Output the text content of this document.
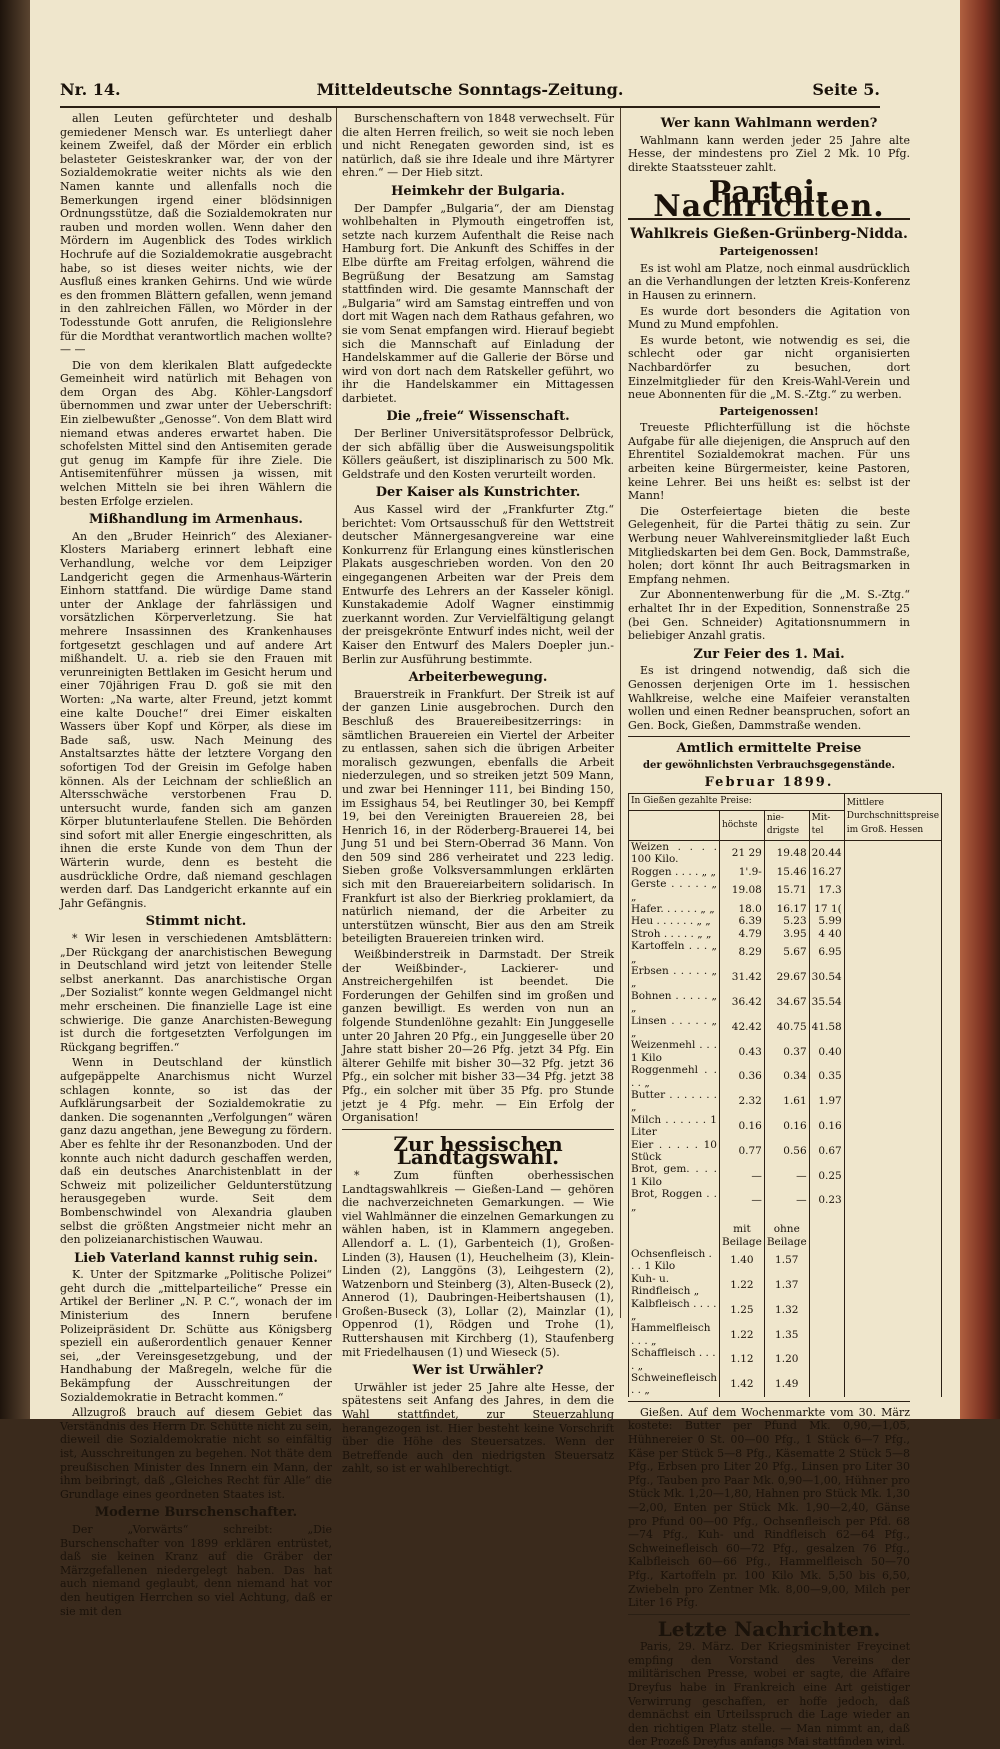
Nr. 14.	Mitteldeutsche Sonntags-Zeitung.	Seite 5.

allen Leuten gefürchteter und deshalb gemiedener Mensch war. Es unterliegt daher keinem Zweifel, daß der Mörder ein erblich belasteter Geisteskranker war, der von der Sozialdemokratie weiter nichts als wie den Namen kannte und allenfalls noch die Bemerkungen irgend einer blödsinnigen Ordnungsstütze, daß die Sozialdemokraten nur rauben und morden wollen. Wenn daher den Mördern im Augenblick des Todes wirklich Hochrufe auf die Sozialdemokratie ausgebracht habe, so ist dieses weiter nichts, wie der Ausfluß eines kranken Gehirns. Und wie würde es den frommen Blättern gefallen, wenn jemand in den zahlreichen Fällen, wo Mörder in der Todesstunde Gott anrufen, die Religionslehre für die Mordthat verantwortlich machen wollte? — —

Die von dem klerikalen Blatt aufgedeckte Gemeinheit wird natürlich mit Behagen von dem Organ des Abg. Köhler-Langsdorf übernommen und zwar unter der Ueberschrift: Ein zielbewußter „Genosse“. Von dem Blatt wird niemand etwas anderes erwartet haben. Die schofelsten Mittel sind den Antisemiten gerade gut genug im Kampfe für ihre Ziele. Die Antisemitenführer müssen ja wissen, mit welchen Mitteln sie bei ihren Wählern die besten Erfolge erzielen.

Mißhandlung im Armenhaus.

An den „Bruder Heinrich“ des Alexianer-Klosters Mariaberg erinnert lebhaft eine Verhandlung, welche vor dem Leipziger Landgericht gegen die Armenhaus-Wärterin Einhorn stattfand. Die würdige Dame stand unter der Anklage der fahrlässigen und vorsätzlichen Körperverletzung. Sie hat mehrere Insassinnen des Krankenhauses fortgesetzt geschlagen und auf andere Art mißhandelt. U. a. rieb sie den Frauen mit verunreinigten Bettlaken im Gesicht herum und einer 70jährigen Frau D. goß sie mit den Worten: „Na warte, alter Freund, jetzt kommt eine kalte Douche!“ drei Eimer eiskalten Wassers über Kopf und Körper, als diese im Bade saß, usw. Nach Meinung des Anstaltsarztes hätte der letztere Vorgang den sofortigen Tod der Greisin im Gefolge haben können. Als der Leichnam der schließlich an Altersschwäche verstorbenen Frau D. untersucht wurde, fanden sich am ganzen Körper blutunterlaufene Stellen. Die Behörden sind sofort mit aller Energie eingeschritten, als ihnen die erste Kunde von dem Thun der Wärterin wurde, denn es besteht die ausdrückliche Ordre, daß niemand geschlagen werden darf. Das Landgericht erkannte auf ein Jahr Gefängnis.

Stimmt nicht.

* Wir lesen in verschiedenen Amtsblättern: „Der Rückgang der anarchistischen Bewegung in Deutschland wird jetzt von leitender Stelle selbst anerkannt. Das anarchistische Organ „Der Sozialist“ konnte wegen Geldmangel nicht mehr erscheinen. Die finanzielle Lage ist eine schwierige. Die ganze Anarchisten-Bewegung ist durch die fortgesetzten Verfolgungen im Rückgang begriffen.“

Wenn in Deutschland der künstlich aufgepäppelte Anarchismus nicht Wurzel schlagen konnte, so ist das der Aufklärungsarbeit der Sozialdemokratie zu danken. Die sogenannten „Verfolgungen“ wären ganz dazu angethan, jene Bewegung zu fördern. Aber es fehlte ihr der Resonanzboden. Und der konnte auch nicht dadurch geschaffen werden, daß ein deutsches Anarchistenblatt in der Schweiz mit polizeilicher Geldunterstützung herausgegeben wurde. Seit dem Bombenschwindel von Alexandria glauben selbst die größten Angstmeier nicht mehr an den polizeianarchistischen Wauwau.

Lieb Vaterland kannst ruhig sein.

K. Unter der Spitzmarke „Politische Polizei“ geht durch die „mittelparteiliche“ Presse ein Artikel der Berliner „N. P. C.“, wonach der im Ministerium des Innern berufene Polizeipräsident Dr. Schütte aus Königsberg speziell ein außerordentlich genauer Kenner sei, „der Vereinsgesetzgebung, und der Handhabung der Maßregeln, welche für die Bekämpfung der Ausschreitungen der Sozialdemokratie in Betracht kommen.“

Allzugroß brauch auf diesem Gebiet das Verständnis des Herrn Dr. Schütte nicht zu sein, dieweil die Sozialdemokratie nicht so einfältig ist, Ausschreitungen zu begehen. Not thäte dem preußischen Minister des Innern ein Mann, der ihm beibringt, daß „Gleiches Recht für Alle“ die Grundlage eines geordneten Staates ist.

Moderne Burschenschafter.

Der „Vorwärts“ schreibt: „Die Burschenschafter von 1899 erklären entrüstet, daß sie keinen Kranz auf die Gräber der Märzgefallenen niedergelegt haben. Das hat auch niemand geglaubt, denn niemand hat vor den heutigen Herrchen so viel Achtung, daß er sie mit den

Burschenschaftern von 1848 verwechselt. Für die alten Herren freilich, so weit sie noch leben und nicht Renegaten geworden sind, ist es natürlich, daß sie ihre Ideale und ihre Märtyrer ehren.“ — Der Hieb sitzt.

Heimkehr der Bulgaria.

Der Dampfer „Bulgaria“, der am Dienstag wohlbehalten in Plymouth eingetroffen ist, setzte nach kurzem Aufenthalt die Reise nach Hamburg fort. Die Ankunft des Schiffes in der Elbe dürfte am Freitag erfolgen, während die Begrüßung der Besatzung am Samstag stattfinden wird. Die gesamte Mannschaft der „Bulgaria“ wird am Samstag eintreffen und von dort mit Wagen nach dem Rathaus gefahren, wo sie vom Senat empfangen wird. Hierauf begiebt sich die Mannschaft auf Einladung der Handelskammer auf die Gallerie der Börse und wird von dort nach dem Ratskeller geführt, wo ihr die Handelskammer ein Mittagessen darbietet.

Die „freie“ Wissenschaft.

Der Berliner Universitätsprofessor Delbrück, der sich abfällig über die Ausweisungspolitik Köllers geäußert, ist disziplinarisch zu 500 Mk. Geldstrafe und den Kosten verurteilt worden.

Der Kaiser als Kunstrichter.

Aus Kassel wird der „Frankfurter Ztg.“ berichtet: Vom Ortsausschuß für den Wettstreit deutscher Männergesangvereine war eine Konkurrenz für Erlangung eines künstlerischen Plakats ausgeschrieben worden. Von den 20 eingegangenen Arbeiten war der Preis dem Entwurfe des Lehrers an der Kasseler königl. Kunstakademie Adolf Wagner einstimmig zuerkannt worden. Zur Vervielfältigung gelangt der preisgekrönte Entwurf indes nicht, weil der Kaiser den Entwurf des Malers Doepler jun.-Berlin zur Ausführung bestimmte.

Arbeiterbewegung.

Brauerstreik in Frankfurt. Der Streik ist auf der ganzen Linie ausgebrochen. Durch den Beschluß des Brauereibesitzerrings: in sämtlichen Brauereien ein Viertel der Arbeiter zu entlassen, sahen sich die übrigen Arbeiter moralisch gezwungen, ebenfalls die Arbeit niederzulegen, und so streiken jetzt 509 Mann, und zwar bei Henninger 111, bei Binding 150, im Essighaus 54, bei Reutlinger 30, bei Kempff 19, bei den Vereinigten Brauereien 28, bei Henrich 16, in der Röderberg-Brauerei 14, bei Jung 51 und bei Stern-Oberrad 36 Mann. Von den 509 sind 286 verheiratet und 223 ledig. Sieben große Volksversammlungen erklärten sich mit den Brauereiarbeitern solidarisch. In Frankfurt ist also der Bierkrieg proklamiert, da natürlich niemand, der die Arbeiter zu unterstützen wünscht, Bier aus den am Streik beteiligten Brauereien trinken wird.

Weißbinderstreik in Darmstadt. Der Streik der Weißbinder-, Lackierer- und Anstreichergehilfen ist beendet. Die Forderungen der Gehilfen sind im großen und ganzen bewilligt. Es werden von nun an folgende Stundenlöhne gezahlt: Ein Junggeselle unter 20 Jahren 20 Pfg., ein Junggeselle über 20 Jahre statt bisher 20—26 Pfg. jetzt 34 Pfg. Ein älterer Gehilfe mit bisher 30—32 Pfg. jetzt 36 Pfg., ein solcher mit bisher 33—34 Pfg. jetzt 38 Pfg., ein solcher mit über 35 Pfg. pro Stunde jetzt je 4 Pfg. mehr. — Ein Erfolg der Organisation!

Zur hessischen Landtagswahl.

* Zum fünften oberhessischen Landtagswahlkreis — Gießen-Land — gehören die nachverzeichneten Gemarkungen. — Wie viel Wahlmänner die einzelnen Gemarkungen zu wählen haben, ist in Klammern angegeben. Allendorf a. L. (1), Garbenteich (1), Großen-Linden (3), Hausen (1), Heuchelheim (3), Klein-Linden (2), Langgöns (3), Leihgestern (2), Watzenborn und Steinberg (3), Alten-Buseck (2), Annerod (1), Daubringen-Heibertshausen (1), Großen-Buseck (3), Lollar (2), Mainzlar (1), Oppenrod (1), Rödgen und Trohe (1), Ruttershausen mit Kirchberg (1), Staufenberg mit Friedelhausen (1) und Wieseck (5).

Wer ist Urwähler?

Urwähler ist jeder 25 Jahre alte Hesse, der spätestens seit Anfang des Jahres, in dem die Wahl stattfindet, zur Steuerzahlung herangezogen ist. Hier besteht keine Vorschrift über die Höhe des Steuersatzes. Wenn der Betreffende auch den niedrigsten Steuersatz zahlt, so ist er wahlberechtigt.

Wer kann Wahlmann werden?

Wahlmann kann werden jeder 25 Jahre alte Hesse, der mindestens pro Ziel 2 Mk. 10 Pfg. direkte Staatssteuer zahlt.

Partei-Nachrichten.
Wahlkreis Gießen-Grünberg-Nidda.
Parteigenossen!

Es ist wohl am Platze, noch einmal ausdrücklich an die Verhandlungen der letzten Kreis-Konferenz in Hausen zu erinnern.

Es wurde dort besonders die Agitation von Mund zu Mund empfohlen.

Es wurde betont, wie notwendig es sei, die schlecht oder gar nicht organisierten Nachbardörfer zu besuchen, dort Einzelmitglieder für den Kreis-Wahl-Verein und neue Abonnenten für die „M. S.-Ztg.“ zu werben.

Parteigenossen!

Treueste Pflichterfüllung ist die höchste Aufgabe für alle diejenigen, die Anspruch auf den Ehrentitel Sozialdemokrat machen. Für uns arbeiten keine Bürgermeister, keine Pastoren, keine Lehrer. Bei uns heißt es: selbst ist der Mann!

Die Osterfeiertage bieten die beste Gelegenheit, für die Partei thätig zu sein. Zur Werbung neuer Wahlvereinsmitglieder laßt Euch Mitgliedskarten bei dem Gen. Bock, Dammstraße, holen; dort könnt Ihr auch Beitragsmarken in Empfang nehmen.

Zur Abonnentenwerbung für die „M. S.-Ztg.“ erhaltet Ihr in der Expedition, Sonnenstraße 25 (bei Gen. Schneider) Agitationsnummern in beliebiger Anzahl gratis.

Zur Feier des 1. Mai.

Es ist dringend notwendig, daß sich die Genossen derjenigen Orte im 1. hessischen Wahlkreise, welche eine Maifeier veranstalten wollen und einen Redner beanspruchen, sofort an Gen. Bock, Gießen, Dammstraße wenden.

Amtlich ermittelte Preise
der gewöhnlichsten Verbrauchsgegenstände.
Februar 1899.
In Gießen gezahlte Preise:				Mittlere Durchschnittspreise im Groß. Hessen
	höchste	nie-drigste	Mit-tel	
Weizen . . . . 100 Kilo.	21 29	19.48	20.44	
Roggen . . . . „ „	1'.9-	15.46	16.27	
Gerste . . . . . „ „	19.08	15.71	17.3	
Hafer. . . . . . „ „	18.0	16.17	17 1(	
Heu . . . . . . „ „	6.39	5.23	5.99	
Stroh . . . . . „ „	4.79	3.95	4 40	
Kartoffeln . . . „ „	8.29	5.67	6.95	
Erbsen . . . . . „ „	31.42	29.67	30.54	
Bohnen . . . . . „ „	36.42	34.67	35.54	
Linsen . . . . . „ „	42.42	40.75	41.58	
Weizenmehl . . . 1 Kilo	0.43	0.37	0.40	
Roggenmehl . . . . „	0.36	0.34	0.35	
Butter . . . . . . . „	2.32	1.61	1.97	
Milch . . . . . . 1 Liter	0.16	0.16	0.16	
Eier . . . . . 10 Stück	0.77	0.56	0.67	
Brot, gem. . . . 1 Kilo	—	—	0.25	
Brot, Roggen . . „	—	—	0.23	

	mit Beilage	ohne Beilage		
Ochsenfleisch . . . 1 Kilo	1.40	1.57		
Kuh- u. Rindfleisch „	1.22	1.37		
Kalbfleisch . . . . „	1.25	1.32		
Hammelfleisch . . . „	1.22	1.35		
Schaffleisch . . . . „	1.12	1.20		
Schweinefleisch . . „	1.42	1.49		

Gießen. Auf dem Wochenmarkte vom 30. März kostete: Butter per Pfund Mk. 0,90,—1,05, Hühnereier 0 St. 00—00 Pfg., 1 Stück 6—7 Pfg., Käse per Stück 5—8 Pfg., Käsematte 2 Stück 5—8 Pfg., Erbsen pro Liter 20 Pfg., Linsen pro Liter 30 Pfg., Tauben pro Paar Mk. 0,90—1,00, Hühner pro Stück Mk. 1,20—1,80, Hahnen pro Stück Mk. 1,30—2,00, Enten per Stück Mk. 1,90—2,40, Gänse pro Pfund 00—00 Pfg., Ochsenfleisch per Pfd. 68—74 Pfg., Kuh- und Rindfleisch 62—64 Pfg., Schweinefleisch 60—72 Pfg., gesalzen 76 Pfg., Kalbfleisch 60—66 Pfg., Hammelfleisch 50—70 Pfg., Kartoffeln pr. 100 Kilo Mk. 5,50 bis 6,50, Zwiebeln pro Zentner Mk. 8,00—9,00, Milch per Liter 16 Pfg.

Letzte Nachrichten.

Paris, 29. März. Der Kriegsminister Freycinet empfing den Vorstand des Vereins der militärischen Presse, wobei er sagte, die Affaire Dreyfus habe in Frankreich eine Art geistiger Verwirrung geschaffen, er hoffe jedoch, daß demnächst ein Urteilsspruch die Lage wieder an den richtigen Platz stelle. — Man nimmt an, daß der Prozeß Dreyfus anfangs Mai stattfinden wird.
